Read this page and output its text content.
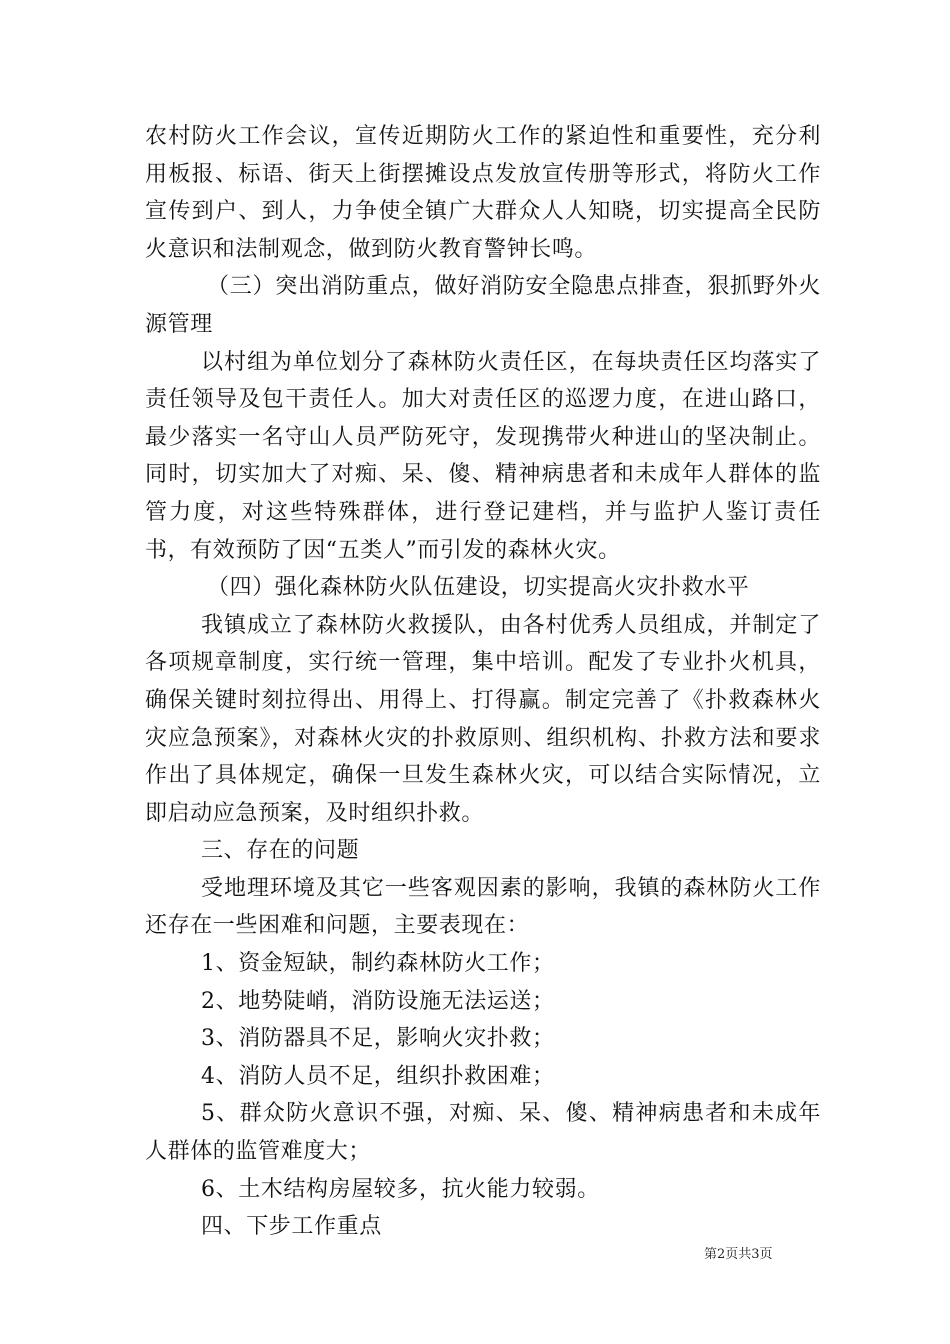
农村防火工作会议，宣传近期防火工作的紧迫性和重要性，充分利用板报、标语、街天上街摆摊设点发放宣传册等形式，将防火工作宣传到户、到人，力争使全镇广大群众人人知晓，切实提高全民防火意识和法制观念，做到防火教育警钟长鸣。

（三）突出消防重点，做好消防安全隐患点排查，狠抓野外火源管理

以村组为单位划分了森林防火责任区，在每块责任区均落实了责任领导及包干责任人。加大对责任区的巡逻力度，在进山路口，最少落实一名守山人员严防死守，发现携带火种进山的坚决制止。同时，切实加大了对痴、呆、傻、精神病患者和未成年人群体的监管力度，对这些特殊群体，进行登记建档，并与监护人鉴订责任书，有效预防了因“五类人”而引发的森林火灾。

（四）强化森林防火队伍建设，切实提高火灾扑救水平

我镇成立了森林防火救援队，由各村优秀人员组成，并制定了各项规章制度，实行统一管理，集中培训。配发了专业扑火机具，确保关键时刻拉得出、用得上、打得赢。制定完善了《扑救森林火灾应急预案》，对森林火灾的扑救原则、组织机构、扑救方法和要求作出了具体规定，确保一旦发生森林火灾，可以结合实际情况，立即启动应急预案，及时组织扑救。

三、存在的问题

受地理环境及其它一些客观因素的影响，我镇的森林防火工作还存在一些困难和问题，主要表现在：

1、资金短缺，制约森林防火工作；

2、地势陡峭，消防设施无法运送；

3、消防器具不足，影响火灾扑救；

4、消防人员不足，组织扑救困难；

5、群众防火意识不强，对痴、呆、傻、精神病患者和未成年人群体的监管难度大；

6、土木结构房屋较多，抗火能力较弱。

四、下步工作重点

第2页共3页
